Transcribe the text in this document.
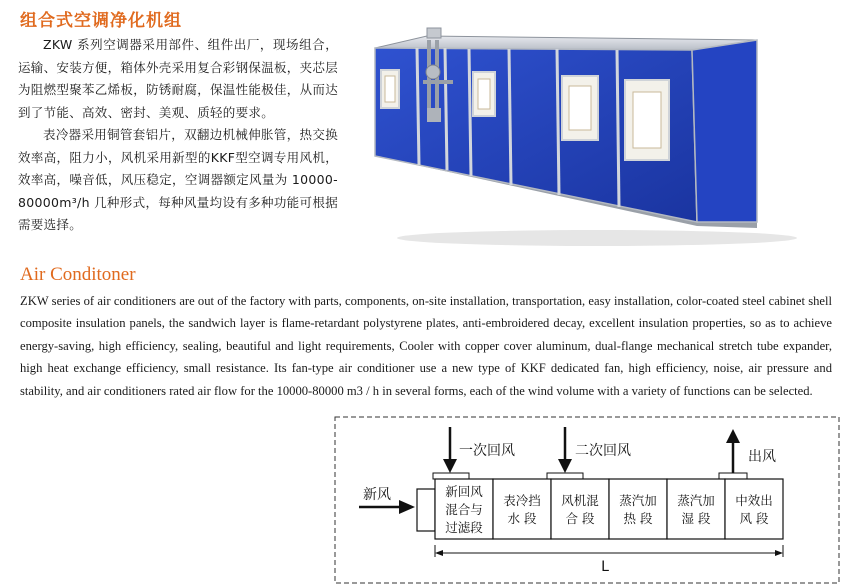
组合式空调净化机组

ZKW 系列空调器采用部件、组件出厂，现场组合，运输、安装方便，箱体外壳采用复合彩钢保温板，夹芯层为阻燃型聚苯乙烯板，防锈耐腐，保温性能极佳，从而达到了节能、高效、密封、美观、质轻的要求。

表冷器采用铜管套铝片，双翻边机械伸胀管，热交换效率高，阻力小，风机采用新型的KKF型空调专用风机，效率高，噪音低，风压稳定，空调器额定风量为 10000-80000m³/h 几种形式，每种风量均设有多种功能可根据需要选择。

Air Conditoner
ZKW series of air conditioners are out of the factory with parts, components, on-site installation, transportation, easy installation, color-coated steel cabinet shell composite insulation panels, the sandwich layer is flame-retardant polystyrene plates, anti-embroidered decay, excellent insulation properties, so as to achieve energy-saving, high efficiency, sealing, beautiful and light requirements, Cooler with copper cover aluminum, dual-flange mechanical stretch tube expander, high heat exchange efficiency, small resistance. Its fan-type air conditioner use a new type of KKF dedicated fan, high efficiency, noise, air pressure and stability, and air conditioners rated air flow for the 10000-80000 m3 / h in several forms, each of the wind volume with a variety of functions can be selected.
一次回风	二次回风	出风
新风	新回风
混合与
过滤段
表冷挡
水 段
风机混
合 段
蒸汽加
热 段
蒸汽加
湿 段
中效出
风 段
L
